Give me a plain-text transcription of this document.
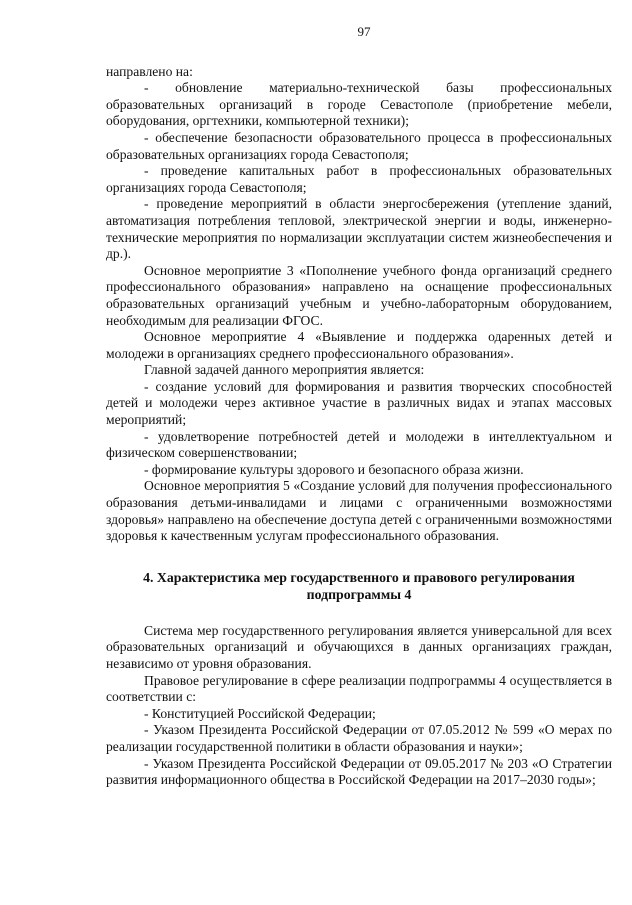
97

направлено на:

- обновление материально-технической базы профессиональных образовательных организаций в городе Севастополе (приобретение мебели, оборудования, оргтехники, компьютерной техники);

- обеспечение безопасности образовательного процесса в профессиональных образовательных организациях города Севастополя;

- проведение капитальных работ в профессиональных образовательных организациях города Севастополя;

- проведение мероприятий в области энергосбережения (утепление зданий, автоматизация потребления тепловой, электрической энергии и воды, инженерно-технические мероприятия по нормализации эксплуатации систем жизнеобеспечения и др.).

Основное мероприятие 3 «Пополнение учебного фонда организаций среднего профессионального образования» направлено на оснащение профессиональных образовательных организаций учебным и учебно-лабораторным оборудованием, необходимым для реализации ФГОС.

Основное мероприятие 4 «Выявление и поддержка одаренных детей и молодежи в организациях среднего профессионального образования».

Главной задачей данного мероприятия является:

- создание условий для формирования и развития творческих способностей детей и молодежи через активное участие в различных видах и этапах массовых мероприятий;

- удовлетворение потребностей детей и молодежи в интеллектуальном и физическом совершенствовании;

- формирование культуры здорового и безопасного образа жизни.

Основное мероприятия 5 «Создание условий для получения профессионального образования детьми-инвалидами и лицами с ограниченными возможностями здоровья» направлено на обеспечение доступа детей с ограниченными возможностями здоровья к качественным услугам профессионального образования.

4. Характеристика мер государственного и правового регулирования
подпрограммы 4

Система мер государственного регулирования является универсальной для всех образовательных организаций и обучающихся в данных организациях граждан, независимо от уровня образования.

Правовое регулирование в сфере реализации подпрограммы 4 осуществляется в соответствии с:

- Конституцией Российской Федерации;

- Указом Президента Российской Федерации от 07.05.2012 № 599 «О мерах по реализации государственной политики в области образования и науки»;

- Указом Президента Российской Федерации от 09.05.2017 № 203 «О Стратегии развития информационного общества в Российской Федерации на 2017–2030 годы»;
